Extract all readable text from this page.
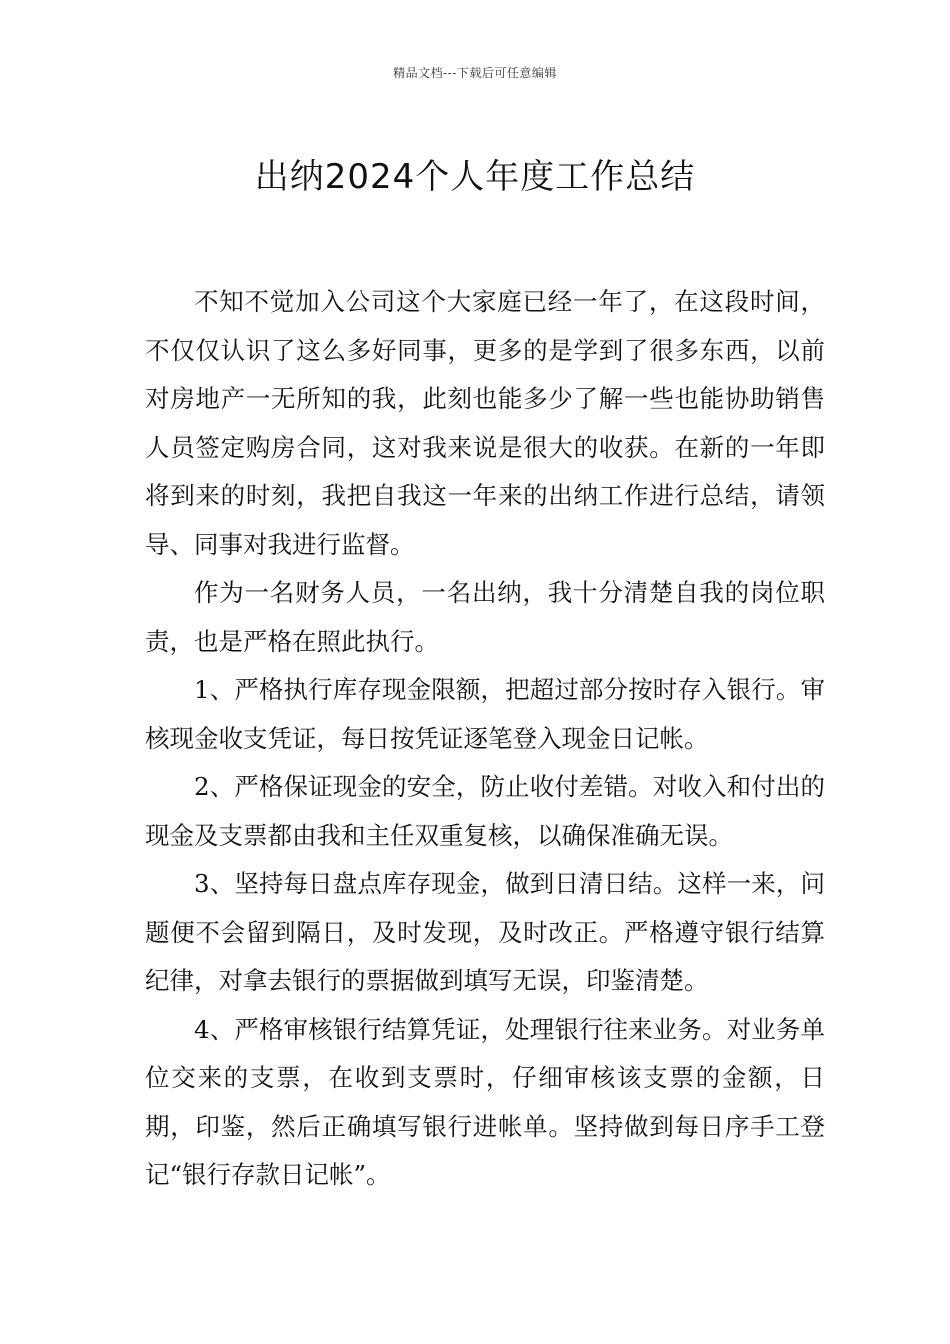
精品文档---下载后可任意编辑
出纳2024个人年度工作总结

不知不觉加入公司这个大家庭已经一年了，在这段时间，不仅仅认识了这么多好同事，更多的是学到了很多东西，以前对房地产一无所知的我，此刻也能多少了解一些也能协助销售人员签定购房合同，这对我来说是很大的收获。在新的一年即将到来的时刻，我把自我这一年来的出纳工作进行总结，请领导、同事对我进行监督。

作为一名财务人员，一名出纳，我十分清楚自我的岗位职责，也是严格在照此执行。

1、严格执行库存现金限额，把超过部分按时存入银行。审核现金收支凭证，每日按凭证逐笔登入现金日记帐。

2、严格保证现金的安全，防止收付差错。对收入和付出的现金及支票都由我和主任双重复核，以确保准确无误。

3、坚持每日盘点库存现金，做到日清日结。这样一来，问题便不会留到隔日，及时发现，及时改正。严格遵守银行结算纪律，对拿去银行的票据做到填写无误，印鉴清楚。

4、严格审核银行结算凭证，处理银行往来业务。对业务单位交来的支票，在收到支票时，仔细审核该支票的金额，日期，印鉴，然后正确填写银行进帐单。坚持做到每日序手工登记“银行存款日记帐”。
